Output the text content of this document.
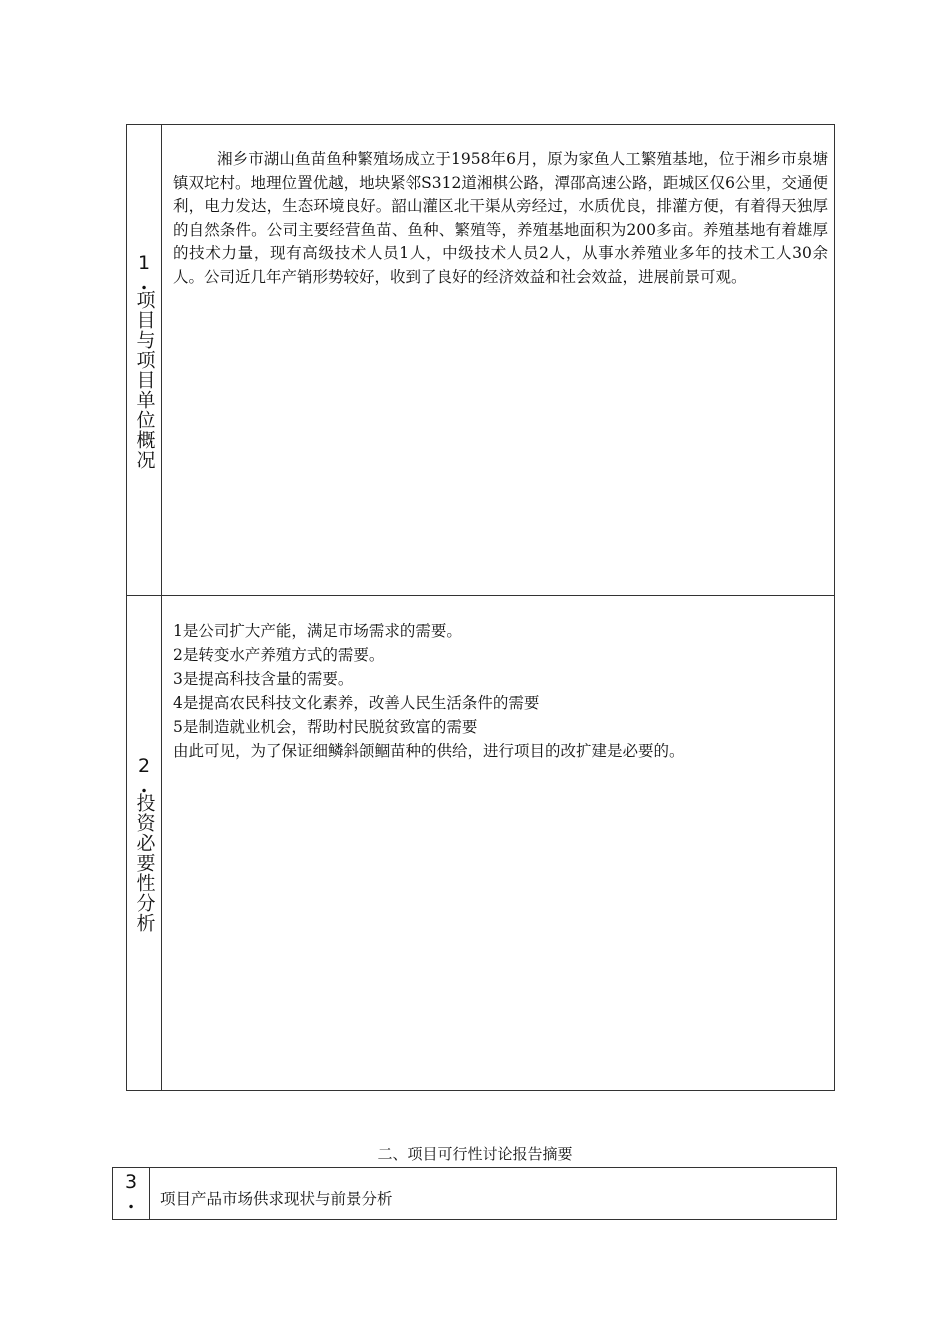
1
.
项目与项目单位概况

湘乡市湖山鱼苗鱼种繁殖场成立于1958年6月，原为家鱼人工繁殖基地，位于湘乡市泉塘镇双坨村。地理位置优越，地块紧邻S312道湘棋公路，潭邵高速公路，距城区仅6公里，交通便利，电力发达，生态环境良好。韶山灌区北干渠从旁经过，水质优良，排灌方便，有着得天独厚的自然条件。公司主要经营鱼苗、鱼种、繁殖等，养殖基地面积为200多亩。养殖基地有着雄厚的技术力量，现有高级技术人员1人，中级技术人员2人，从事水养殖业多年的技术工人30余人。公司近几年产销形势较好，收到了良好的经济效益和社会效益，进展前景可观。

2
.
投资必要性分析
1是公司扩大产能，满足市场需求的需要。
2是转变水产养殖方式的需要。
3是提高科技含量的需要。
4是提高农民科技文化素养，改善人民生活条件的需要
5是制造就业机会，帮助村民脱贫致富的需要
由此可见，为了保证细鳞斜颌鲴苗种的供给，进行项目的改扩建是必要的。
二、项目可行性讨论报告摘要
3
. 项目产品市场供求现状与前景分析
